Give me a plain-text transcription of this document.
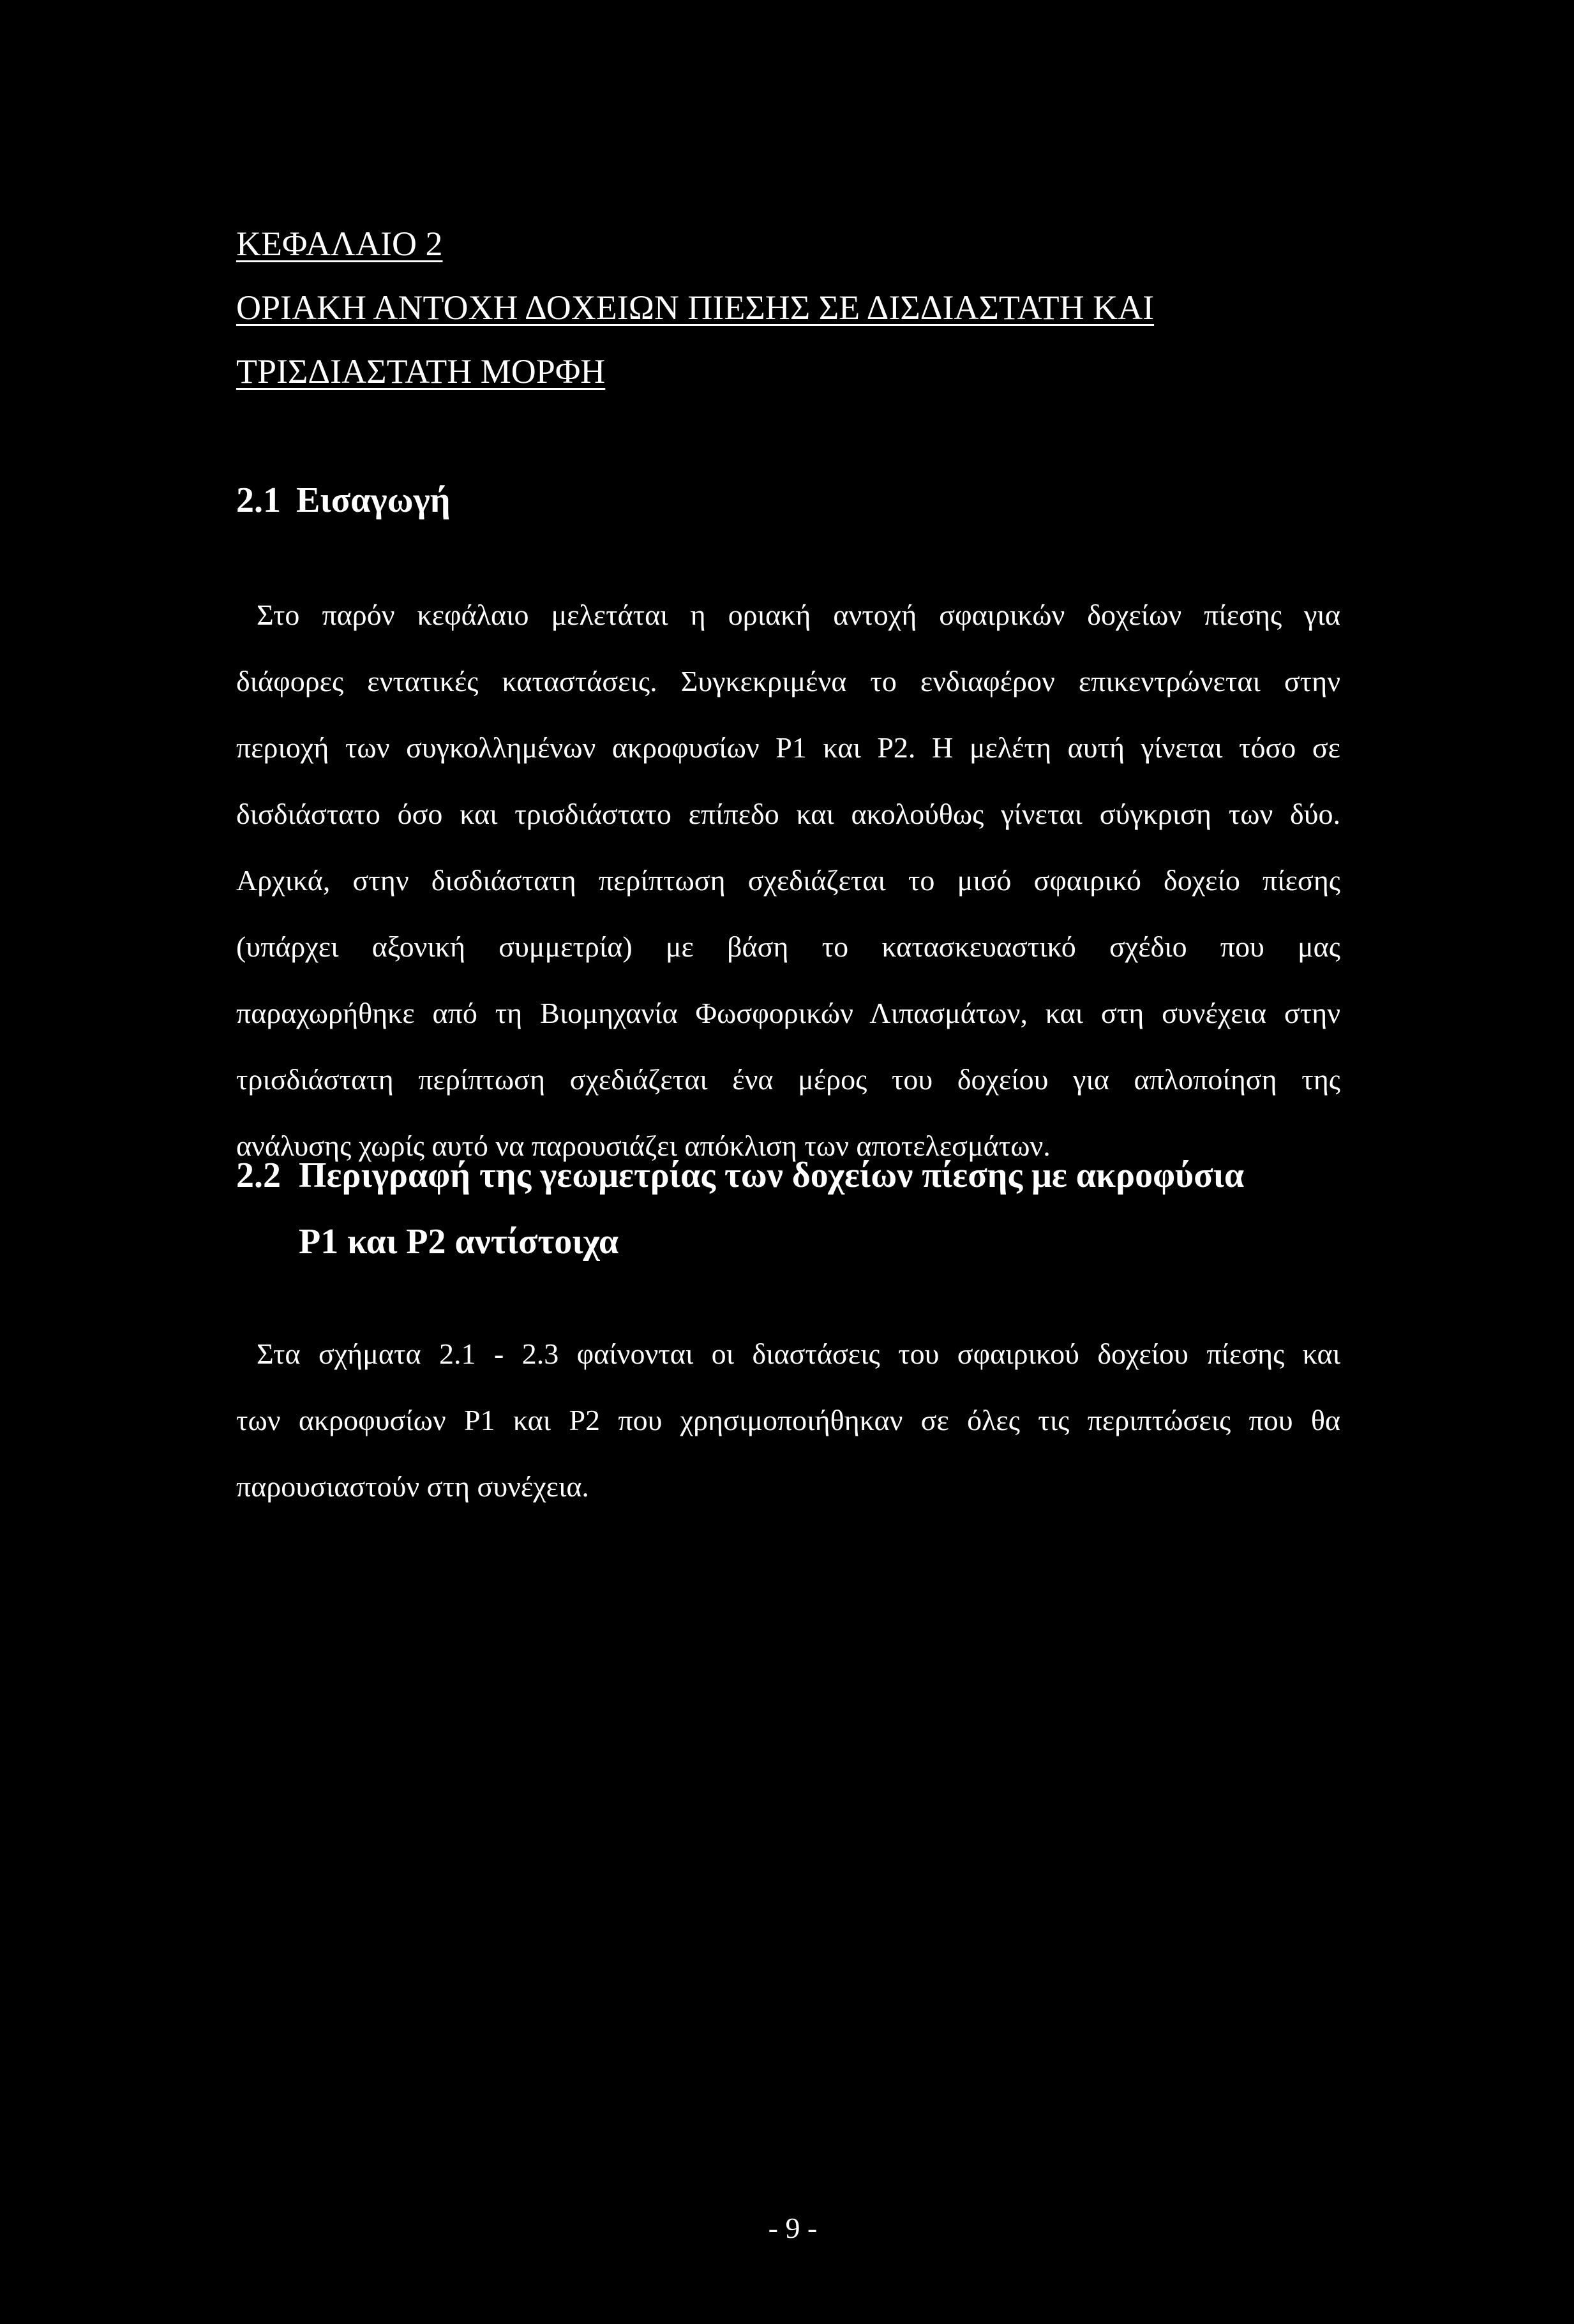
ΚΕΦΑΛΑΙΟ 2
ΟΡΙΑΚΗ ΑΝΤΟΧΗ ΔΟΧΕΙΩΝ ΠΙΕΣΗΣ ΣΕ ΔΙΣΔΙΑΣΤΑΤΗ ΚΑΙ
ΤΡΙΣΔΙΑΣΤΑΤΗ ΜΟΡΦΗ
2.1 Εισαγωγή
Στο παρόν κεφάλαιο μελετάται η οριακή αντοχή σφαιρικών δοχείων πίεσης για
διάφορες εντατικές καταστάσεις. Συγκεκριμένα το ενδιαφέρον επικεντρώνεται στην
περιοχή των συγκολλημένων ακροφυσίων P1 και P2. Η μελέτη αυτή γίνεται τόσο σε
δισδιάστατο όσο και τρισδιάστατο επίπεδο και ακολούθως γίνεται σύγκριση των δύο.
Αρχικά, στην δισδιάστατη περίπτωση σχεδιάζεται το μισό σφαιρικό δοχείο πίεσης
(υπάρχει αξονική συμμετρία) με βάση το κατασκευαστικό σχέδιο που μας
παραχωρήθηκε από τη Βιομηχανία Φωσφορικών Λιπασμάτων, και στη συνέχεια στην
τρισδιάστατη περίπτωση σχεδιάζεται ένα μέρος του δοχείου για απλοποίηση της
ανάλυσης χωρίς αυτό να παρουσιάζει απόκλιση των αποτελεσμάτων.
2.2 Περιγραφή της γεωμετρίας των δοχείων πίεσης με ακροφύσια
P1 και P2 αντίστοιχα
Στα σχήματα 2.1 - 2.3 φαίνονται οι διαστάσεις του σφαιρικού δοχείου πίεσης και
των ακροφυσίων P1 και P2 που χρησιμοποιήθηκαν σε όλες τις περιπτώσεις που θα
παρουσιαστούν στη συνέχεια.
- 9 -
